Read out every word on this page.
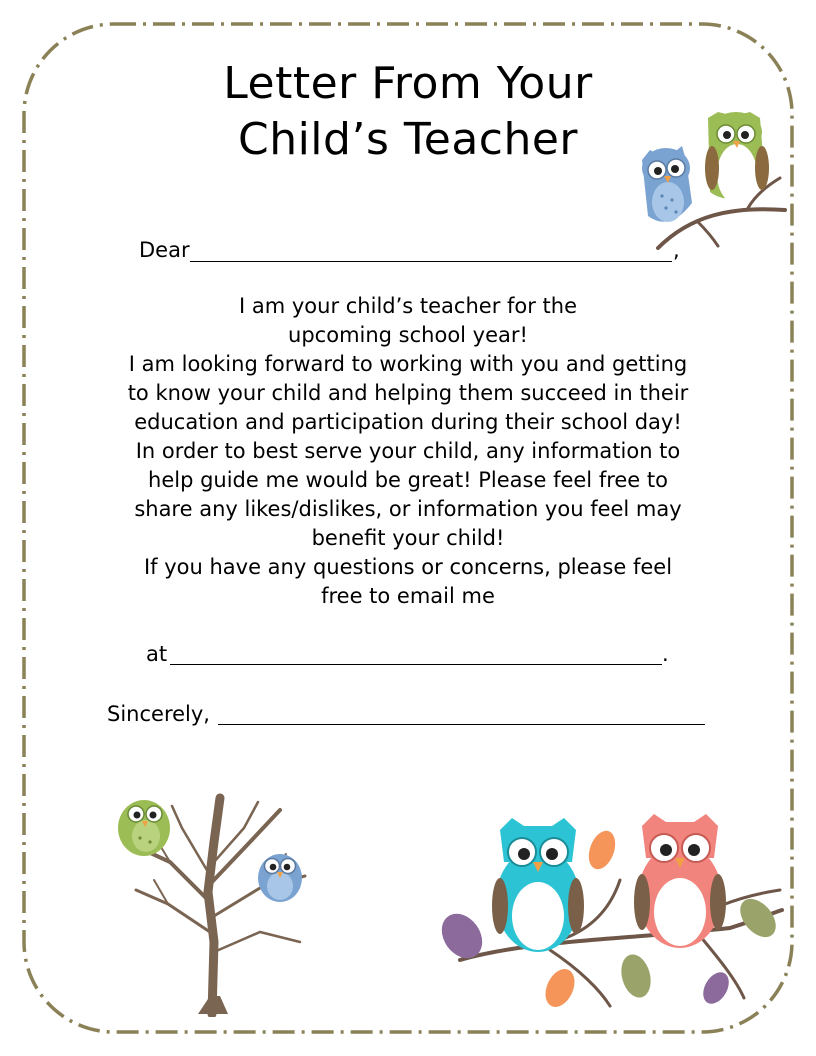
Letter From Your
Child’s Teacher
Dear	,
I am your child’s teacher for the
upcoming school year!
I am looking forward to working with you and getting
to know your child and helping them succeed in their
education and participation during their school day!
In order to best serve your child, any information to
help guide me would be great! Please feel free to
share any likes/dislikes, or information you feel may
benefit your child!
If you have any questions or concerns, please feel
free to email me
at	.
Sincerely,
